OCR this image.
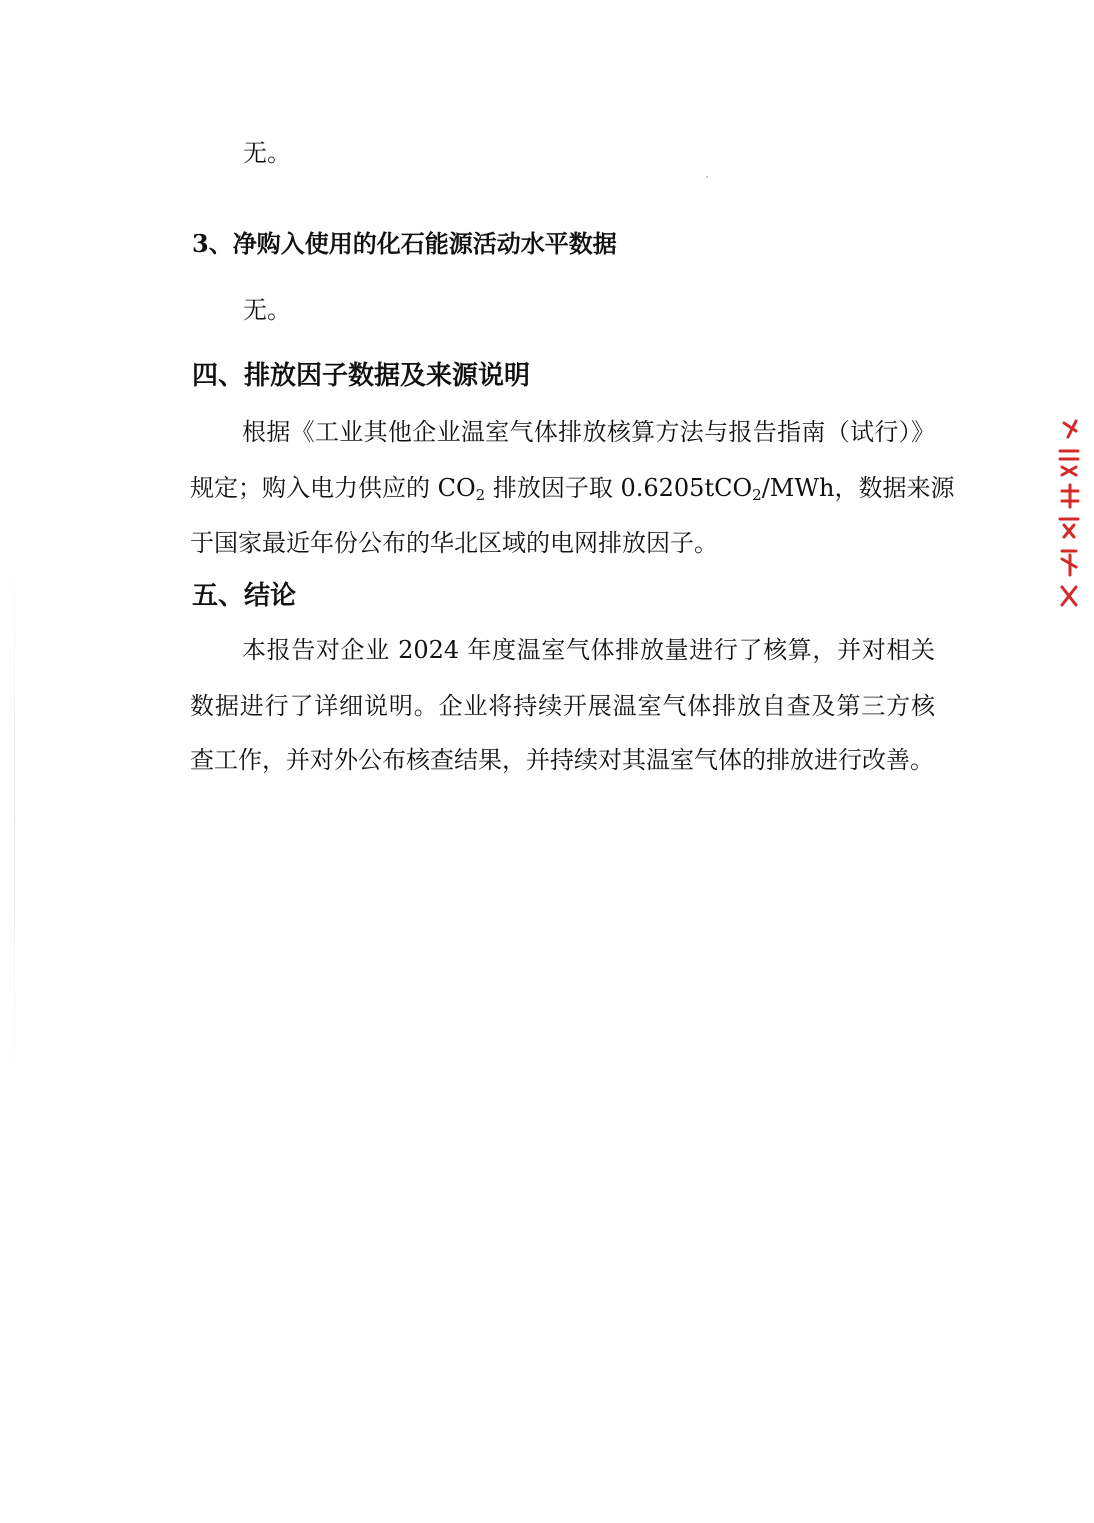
无。
3、净购入使用的化石能源活动水平数据
无。
四、排放因子数据及来源说明
根据《工业其他企业温室气体排放核算方法与报告指南（试行）》
规定；购入电力供应的 $CO_2$ 排放因子取 0.6205tCO$_2$/MWh，数据来源
于国家最近年份公布的华北区域的电网排放因子。
五、结论
本报告对企业 2024 年度温室气体排放量进行了核算，并对相关
数据进行了详细说明。企业将持续开展温室气体排放自查及第三方核
查工作，并对外公布核查结果，并持续对其温室气体的排放进行改善。
